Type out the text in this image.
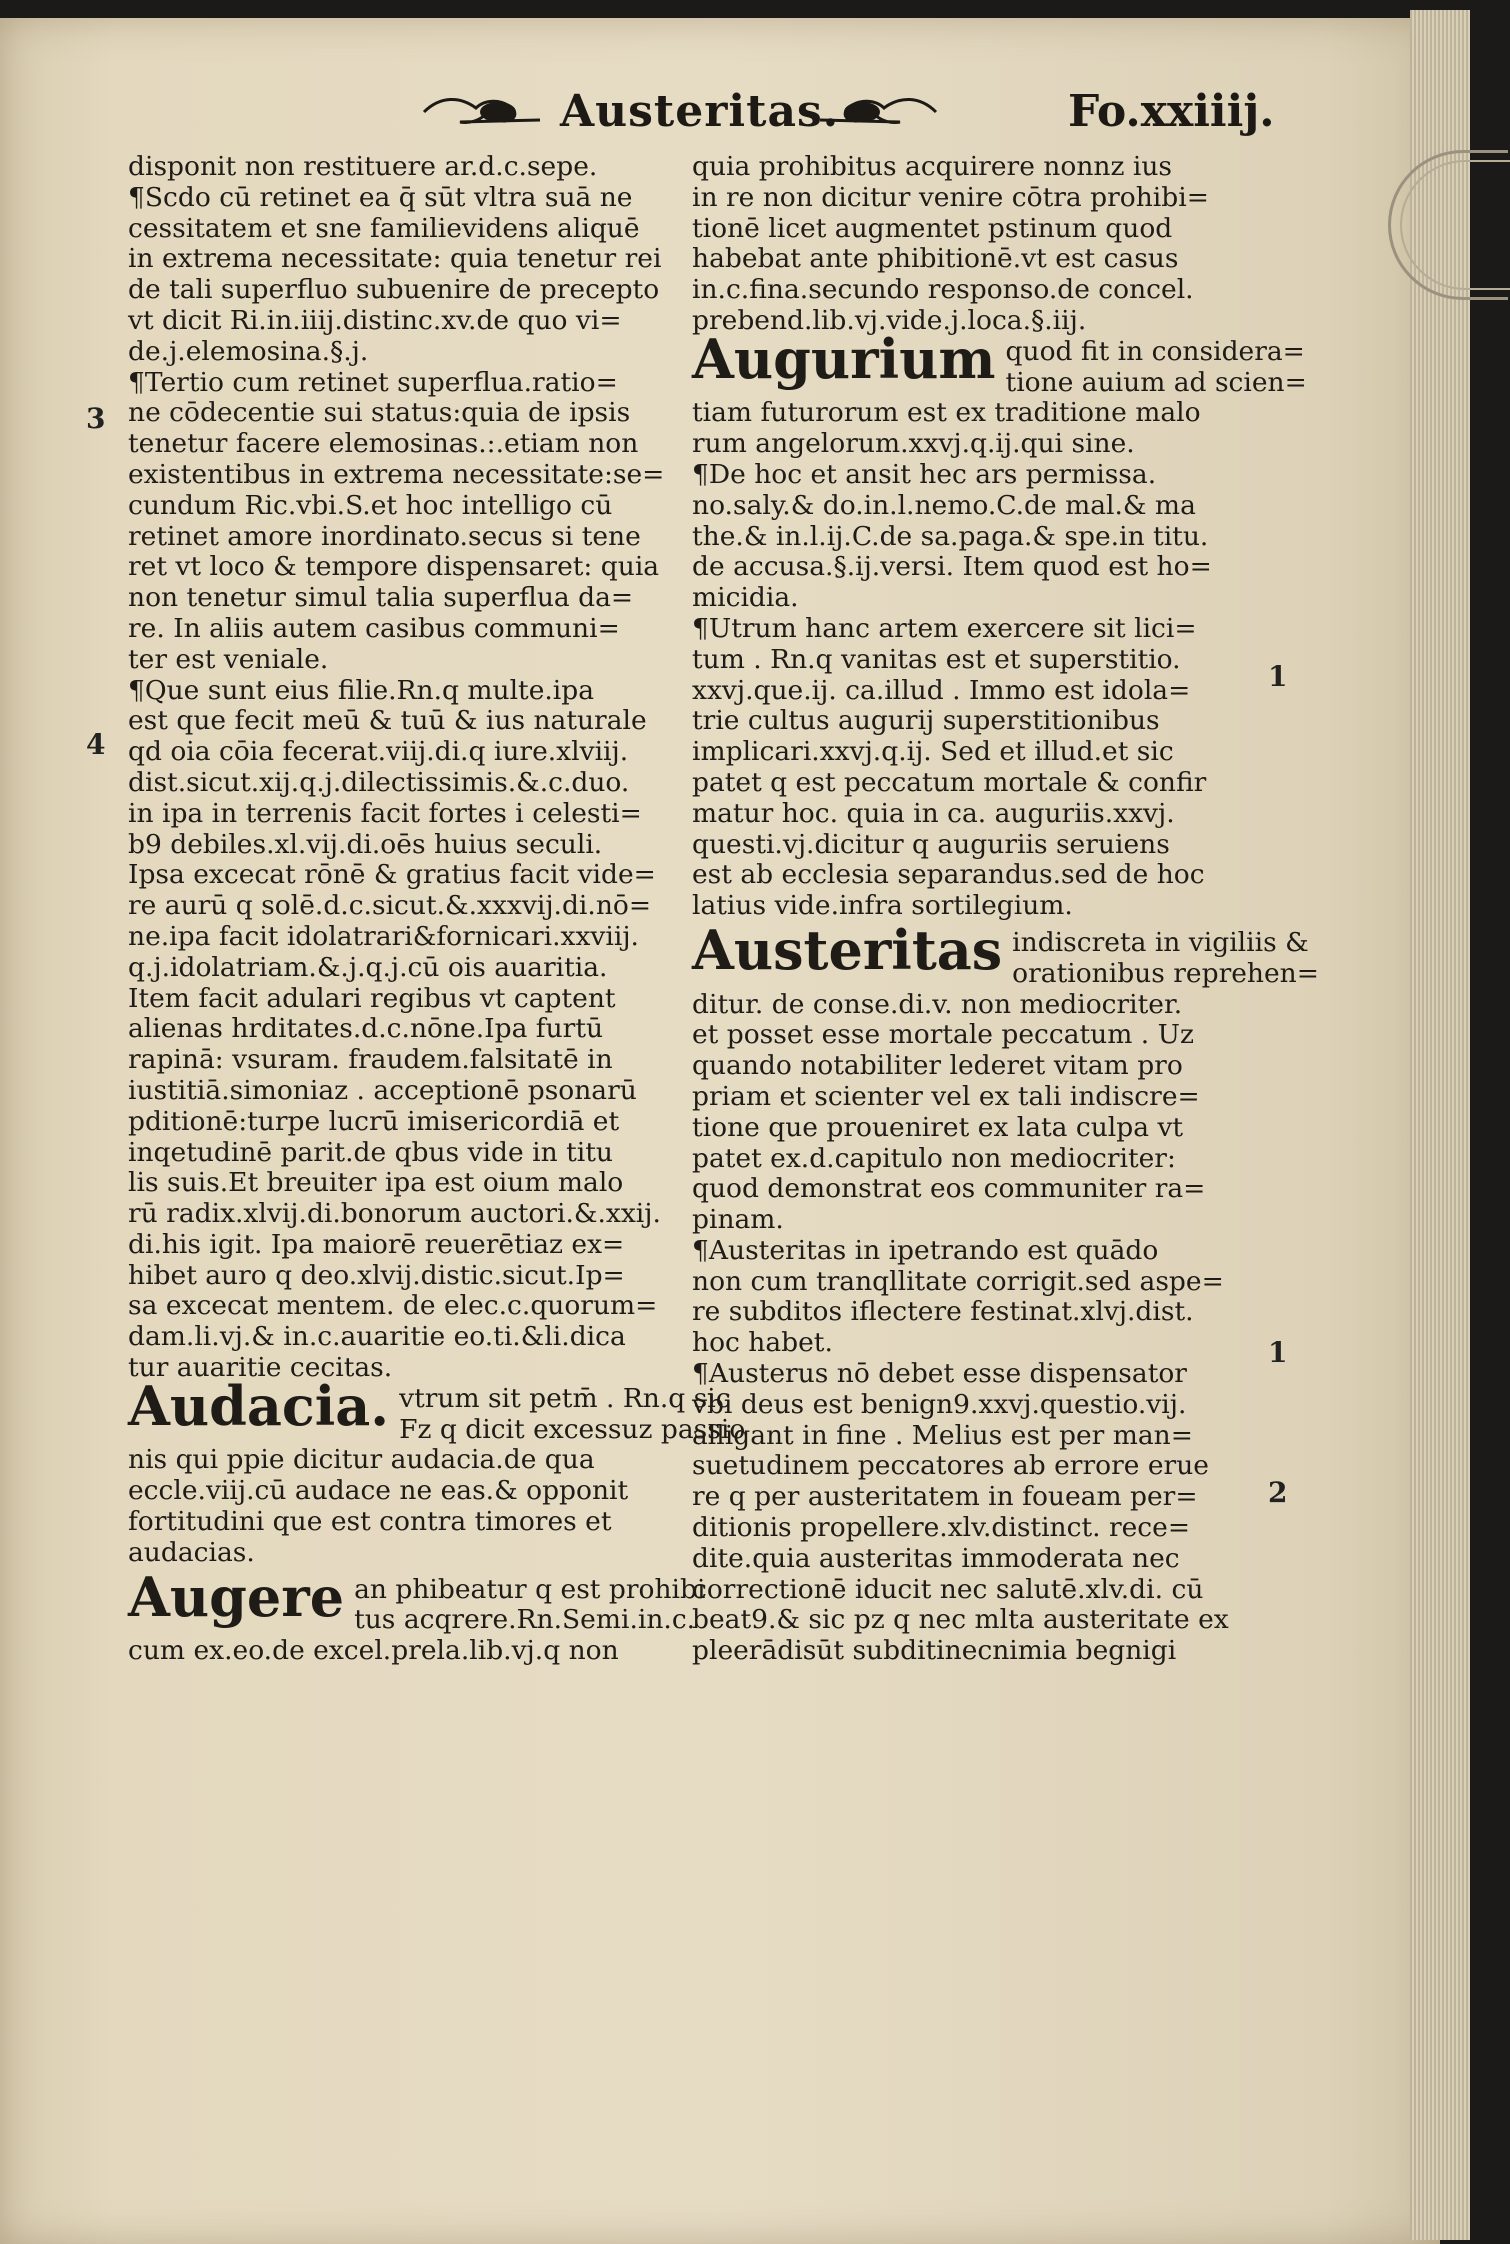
Austeritas.	Fo.xxiiij.
3
4
1
1
2
disponit non restituere ar.d.c.sepe.
¶Scdo cū retinet ea q̄ sūt vltra suā ne
cessitatem et sne familievidens aliquē
in extrema necessitate: quia tenetur rei
de tali superfluo subuenire de precepto
vt dicit Ri.in.iiij.distinc.xv.de quo vi=
de.j.elemosina.§.j.
¶Tertio cum retinet superflua.ratio=
ne cōdecentie sui status:quia de ipsis
tenetur facere elemosinas.:.etiam non
existentibus in extrema necessitate:se=
cundum Ric.vbi.S.et hoc intelligo cū
retinet amore inordinato.secus si tene
ret vt loco & tempore dispensaret: quia
non tenetur simul talia superflua da=
re. In aliis autem casibus communi=
ter est veniale.
¶Que sunt eius filie.Rn.q multe.ipa
est que fecit meū & tuū & ius naturale
qd oia cōia fecerat.viij.di.q iure.xlviij.
dist.sicut.xij.q.j.dilectissimis.&.c.duo.
in ipa in terrenis facit fortes i celesti=
b9 debiles.xl.vij.di.oēs huius seculi.
Ipsa excecat rōnē & gratius facit vide=
re aurū q solē.d.c.sicut.&.xxxvij.di.nō=
ne.ipa facit idolatrari&fornicari.xxviij.
q.j.idolatriam.&.j.q.j.cū ois auaritia.
Item facit adulari regibus vt captent
alienas hrditates.d.c.nōne.Ipa furtū
rapinā: vsuram. fraudem.falsitatē in
iustitiā.simoniaz . acceptionē psonarū
pditionē:turpe lucrū imisericordiā et
inqetudinē parit.de qbus vide in titu
lis suis.Et breuiter ipa est oium malo
rū radix.xlvij.di.bonorum auctori.&.xxij.
di.his igit. Ipa maiorē reuerētiaz ex=
hibet auro q deo.xlvij.distic.sicut.Ip=
sa excecat mentem. de elec.c.quorum=
dam.li.vj.& in.c.auaritie eo.ti.&li.dica
tur auaritie cecitas.
Audacia. vtrum sit petm̄ . Rn.q sic
Fz q dicit excessuz passio
nis qui ppie dicitur audacia.de qua
eccle.viij.cū audace ne eas.& opponit
fortitudini que est contra timores et
audacias.
Augere an phibeatur q est prohibi
tus acqrere.Rn.Semi.in.c.
cum ex.eo.de excel.prela.lib.vj.q non
quia prohibitus acquirere nonnz ius
in re non dicitur venire cōtra prohibi=
tionē licet augmentet pstinum quod
habebat ante phibitionē.vt est casus
in.c.fina.secundo responso.de concel.
prebend.lib.vj.vide.j.loca.§.iij.
Augurium quod fit in considera=
tione auium ad scien=
tiam futurorum est ex traditione malo
rum angelorum.xxvj.q.ij.qui sine.
¶De hoc et ansit hec ars permissa.
no.saly.& do.in.l.nemo.C.de mal.& ma
the.& in.l.ij.C.de sa.paga.& spe.in titu.
de accusa.§.ij.versi. Item quod est ho=
micidia.
¶Utrum hanc artem exercere sit lici=
tum . Rn.q vanitas est et superstitio.
xxvj.que.ij. ca.illud . Immo est idola=
trie cultus augurij superstitionibus
implicari.xxvj.q.ij. Sed et illud.et sic
patet q est peccatum mortale & confir
matur hoc. quia in ca. auguriis.xxvj.
questi.vj.dicitur q auguriis seruiens
est ab ecclesia separandus.sed de hoc
latius vide.infra sortilegium.
Austeritas indiscreta in vigiliis &
orationibus reprehen=
ditur. de conse.di.v. non mediocriter.
et posset esse mortale peccatum . Uz
quando notabiliter lederet vitam pro
priam et scienter vel ex tali indiscre=
tione que proueniret ex lata culpa vt
patet ex.d.capitulo non mediocriter:
quod demonstrat eos communiter ra=
pinam.
¶Austeritas in ipetrando est quādo
non cum tranqllitate corrigit.sed aspe=
re subditos iflectere festinat.xlvj.dist.
hoc habet.
¶Austerus nō debet esse dispensator
vbi deus est benign9.xxvj.questio.vij.
alligant in fine . Melius est per man=
suetudinem peccatores ab errore erue
re q per austeritatem in foueam per=
ditionis propellere.xlv.distinct. rece=
dite.quia austeritas immoderata nec
correctionē iducit nec salutē.xlv.di. cū
beat9.& sic pz q nec mlta austeritate ex
pleerādisūt subditinecnimia begnigi
